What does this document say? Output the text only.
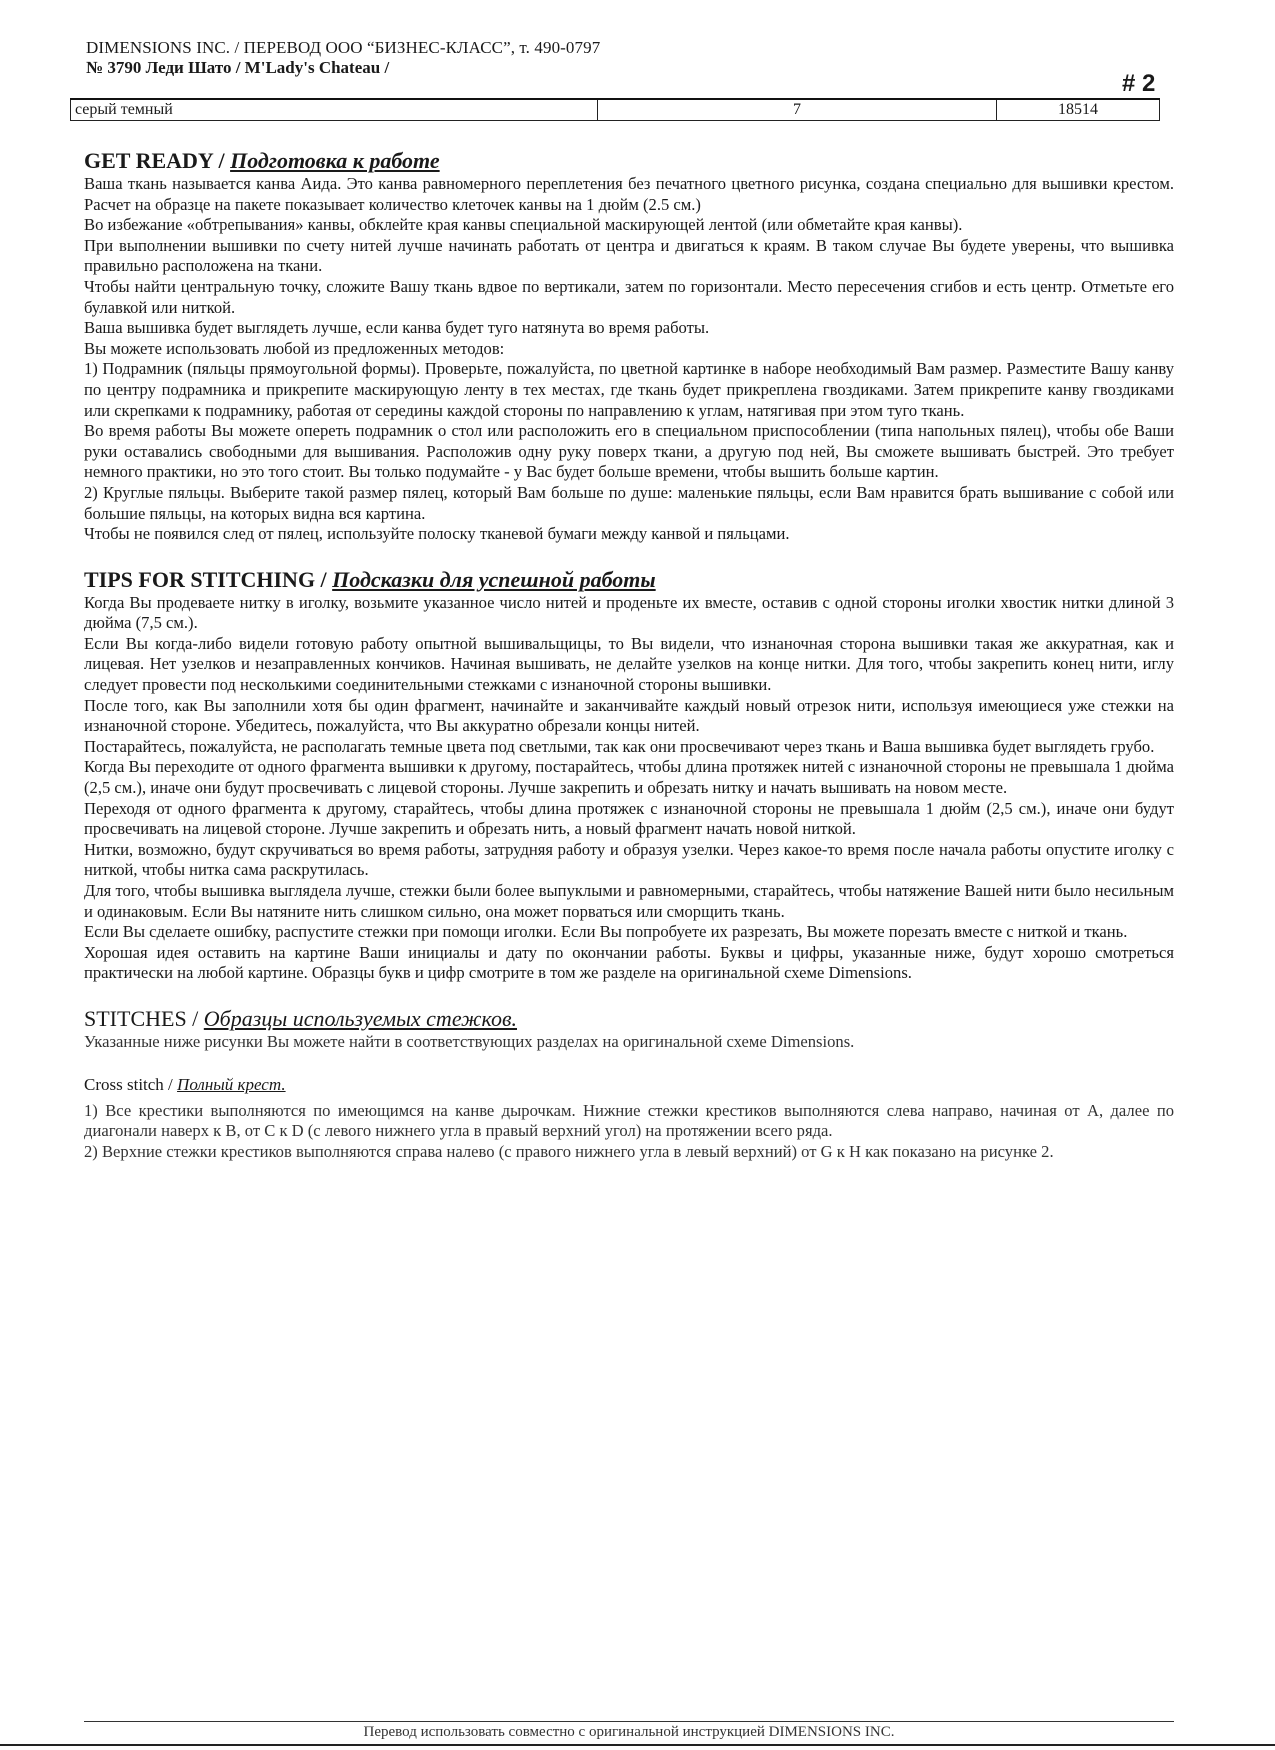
DIMENSIONS INC. / ПЕРЕВОД ООО “БИЗНЕС-КЛАСС”, т. 490-0797
№ 3790 Леди Шато / M'Lady's Chateau /
# 2
серый темный	7	18514
GET READY / Подготовка к работе

Ваша ткань называется канва Аида. Это канва равномерного переплетения без печатного цветного рисунка, создана специально для вышивки крестом. Расчет на образце на пакете показывает количество клеточек канвы на 1 дюйм (2.5 см.)

Во избежание «обтрепывания» канвы, обклейте края канвы специальной маскирующей лентой (или обметайте края канвы).

При выполнении вышивки по счету нитей лучше начинать работать от центра и двигаться к краям. В таком случае Вы будете уверены, что вышивка правильно расположена на ткани.

Чтобы найти центральную точку, сложите Вашу ткань вдвое по вертикали, затем по горизонтали. Место пересечения сгибов и есть центр. Отметьте его булавкой или ниткой.

Ваша вышивка будет выглядеть лучше, если канва будет туго натянута во время работы.

Вы можете использовать любой из предложенных методов:

1) Подрамник (пяльцы прямоугольной формы). Проверьте, пожалуйста, по цветной картинке в наборе необходимый Вам размер. Разместите Вашу канву по центру подрамника и прикрепите маскирующую ленту в тех местах, где ткань будет прикреплена гвоздиками. Затем прикрепите канву гвоздиками или скрепками к подрамнику, работая от середины каждой стороны по направлению к углам, натягивая при этом туго ткань.

Во время работы Вы можете опереть подрамник о стол или расположить его в специальном приспособлении (типа напольных пялец), чтобы обе Ваши руки оставались свободными для вышивания. Расположив одну руку поверх ткани, а другую под ней, Вы сможете вышивать быстрей. Это требует немного практики, но это того стоит. Вы только подумайте - у Вас будет больше времени, чтобы вышить больше картин.

2) Круглые пяльцы. Выберите такой размер пялец, который Вам больше по душе: маленькие пяльцы, если Вам нравится брать вышивание с собой или большие пяльцы, на которых видна вся картина.

Чтобы не появился след от пялец, используйте полоску тканевой бумаги между канвой и пяльцами.

TIPS FOR STITCHING / Подсказки для успешной работы

Когда Вы продеваете нитку в иголку, возьмите указанное число нитей и проденьте их вместе, оставив с одной стороны иголки хвостик нитки длиной 3 дюйма (7,5 см.).

Если Вы когда-либо видели готовую работу опытной вышивальщицы, то Вы видели, что изнаночная сторона вышивки такая же аккуратная, как и лицевая. Нет узелков и незаправленных кончиков. Начиная вышивать, не делайте узелков на конце нитки. Для того, чтобы закрепить конец нити, иглу следует провести под несколькими соединительными стежками с изнаночной стороны вышивки.

После того, как Вы заполнили хотя бы один фрагмент, начинайте и заканчивайте каждый новый отрезок нити, используя имеющиеся уже стежки на изнаночной стороне. Убедитесь, пожалуйста, что Вы аккуратно обрезали концы нитей.

Постарайтесь, пожалуйста, не располагать темные цвета под светлыми, так как они просвечивают через ткань и Ваша вышивка будет выглядеть грубо.

Когда Вы переходите от одного фрагмента вышивки к другому, постарайтесь, чтобы длина протяжек нитей с изнаночной стороны не превышала 1 дюйма (2,5 см.), иначе они будут просвечивать с лицевой стороны. Лучше закрепить и обрезать нитку и начать вышивать на новом месте.

Переходя от одного фрагмента к другому, старайтесь, чтобы длина протяжек с изнаночной стороны не превышала 1 дюйм (2,5 см.), иначе они будут просвечивать на лицевой стороне. Лучше закрепить и обрезать нить, а новый фрагмент начать новой ниткой.

Нитки, возможно, будут скручиваться во время работы, затрудняя работу и образуя узелки. Через какое-то время после начала работы опустите иголку с ниткой, чтобы нитка сама раскрутилась.

Для того, чтобы вышивка выглядела лучше, стежки были более выпуклыми и равномерными, старайтесь, чтобы натяжение Вашей нити было несильным и одинаковым. Если Вы натяните нить слишком сильно, она может порваться или сморщить ткань.

Если Вы сделаете ошибку, распустите стежки при помощи иголки. Если Вы попробуете их разрезать, Вы можете порезать вместе с ниткой и ткань.

Хорошая идея оставить на картине Ваши инициалы и дату по окончании работы. Буквы и цифры, указанные ниже, будут хорошо смотреться практически на любой картине. Образцы букв и цифр смотрите в том же разделе на оригинальной схеме Dimensions.

STITCHES / Образцы используемых стежков.

Указанные ниже рисунки Вы можете найти в соответствующих разделах на оригинальной схеме Dimensions.

Cross stitch / Полный крест.

1) Все крестики выполняются по имеющимся на канве дырочкам. Нижние стежки крестиков выполняются слева направо, начиная от A, далее по диагонали наверх к B, от C к D (с левого нижнего угла в правый верхний угол) на протяжении всего ряда.

2) Верхние стежки крестиков выполняются справа налево (с правого нижнего угла в левый верхний) от G к H как показано на рисунке 2.

Перевод использовать совместно с оригинальной инструкцией DIMENSIONS INC.
